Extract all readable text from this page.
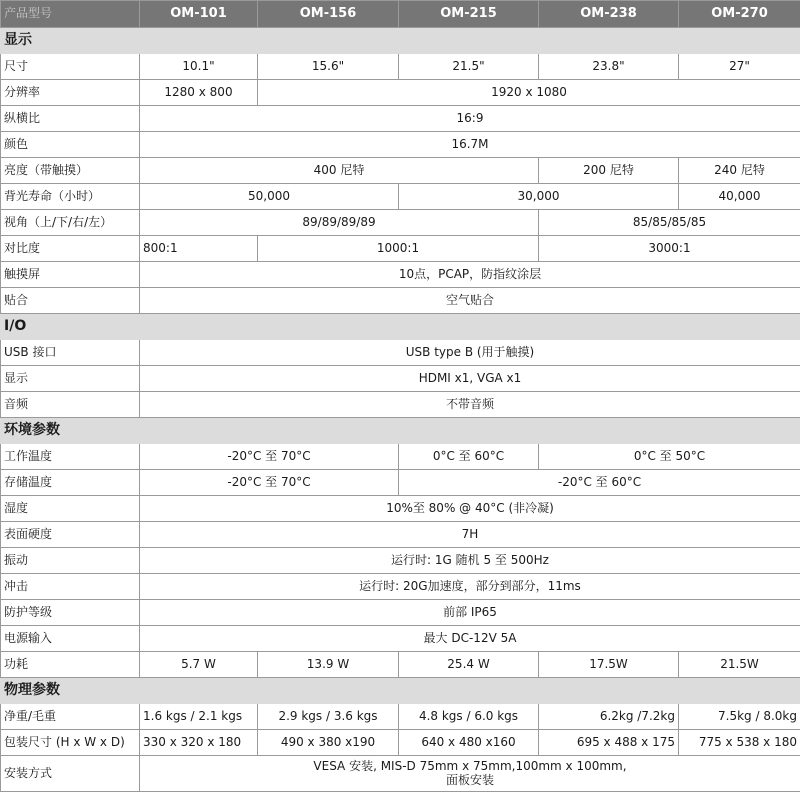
产品型号	OM-101	OM-156	OM-215	OM-238	OM-270
显示					
尺寸	10.1"	15.6"	21.5"	23.8"	27"
分辨率	1280 x 800	1920 x 1080			
纵横比	16:9				
颜色	16.7M				
亮度（带触摸）	400 尼特			200 尼特	240 尼特
背光寿命（小时）	50,000		30,000		40,000
视角（上/下/右/左）	89/89/89/89			85/85/85/85	
对比度	800:1	1000:1		3000:1	
触摸屏	10点，PCAP，防指纹涂层				
贴合	空气贴合				
I/O					
USB 接口	USB type B (用于触摸)				
显示	HDMI x1, VGA x1				
音频	不带音频				
环境参数					
工作温度	-20°C 至 70°C		0°C 至 60°C	0°C 至 50°C	
存储温度	-20°C 至 70°C		-20°C 至 60°C		
湿度	10%至 80% @ 40°C (非冷凝)				
表面硬度	7H				
振动	运行时: 1G 随机 5 至 500Hz				
冲击	运行时: 20G加速度，部分到部分，11ms				
防护等级	前部 IP65				
电源输入	最大 DC-12V 5A				
功耗	5.7 W	13.9 W	25.4 W	17.5W	21.5W
物理参数					
净重/毛重	1.6 kgs / 2.1 kgs	2.9 kgs / 3.6 kgs	4.8 kgs / 6.0 kgs	6.2kg /7.2kg	7.5kg / 8.0kg
包装尺寸 (H x W x D)	330 x 320 x 180	490 x 380 x190	640 x 480 x160	695 x 488 x 175	775 x 538 x 180
安装方式	VESA 安装, MIS-D 75mm x 75mm,100mm x 100mm,
面板安装				
